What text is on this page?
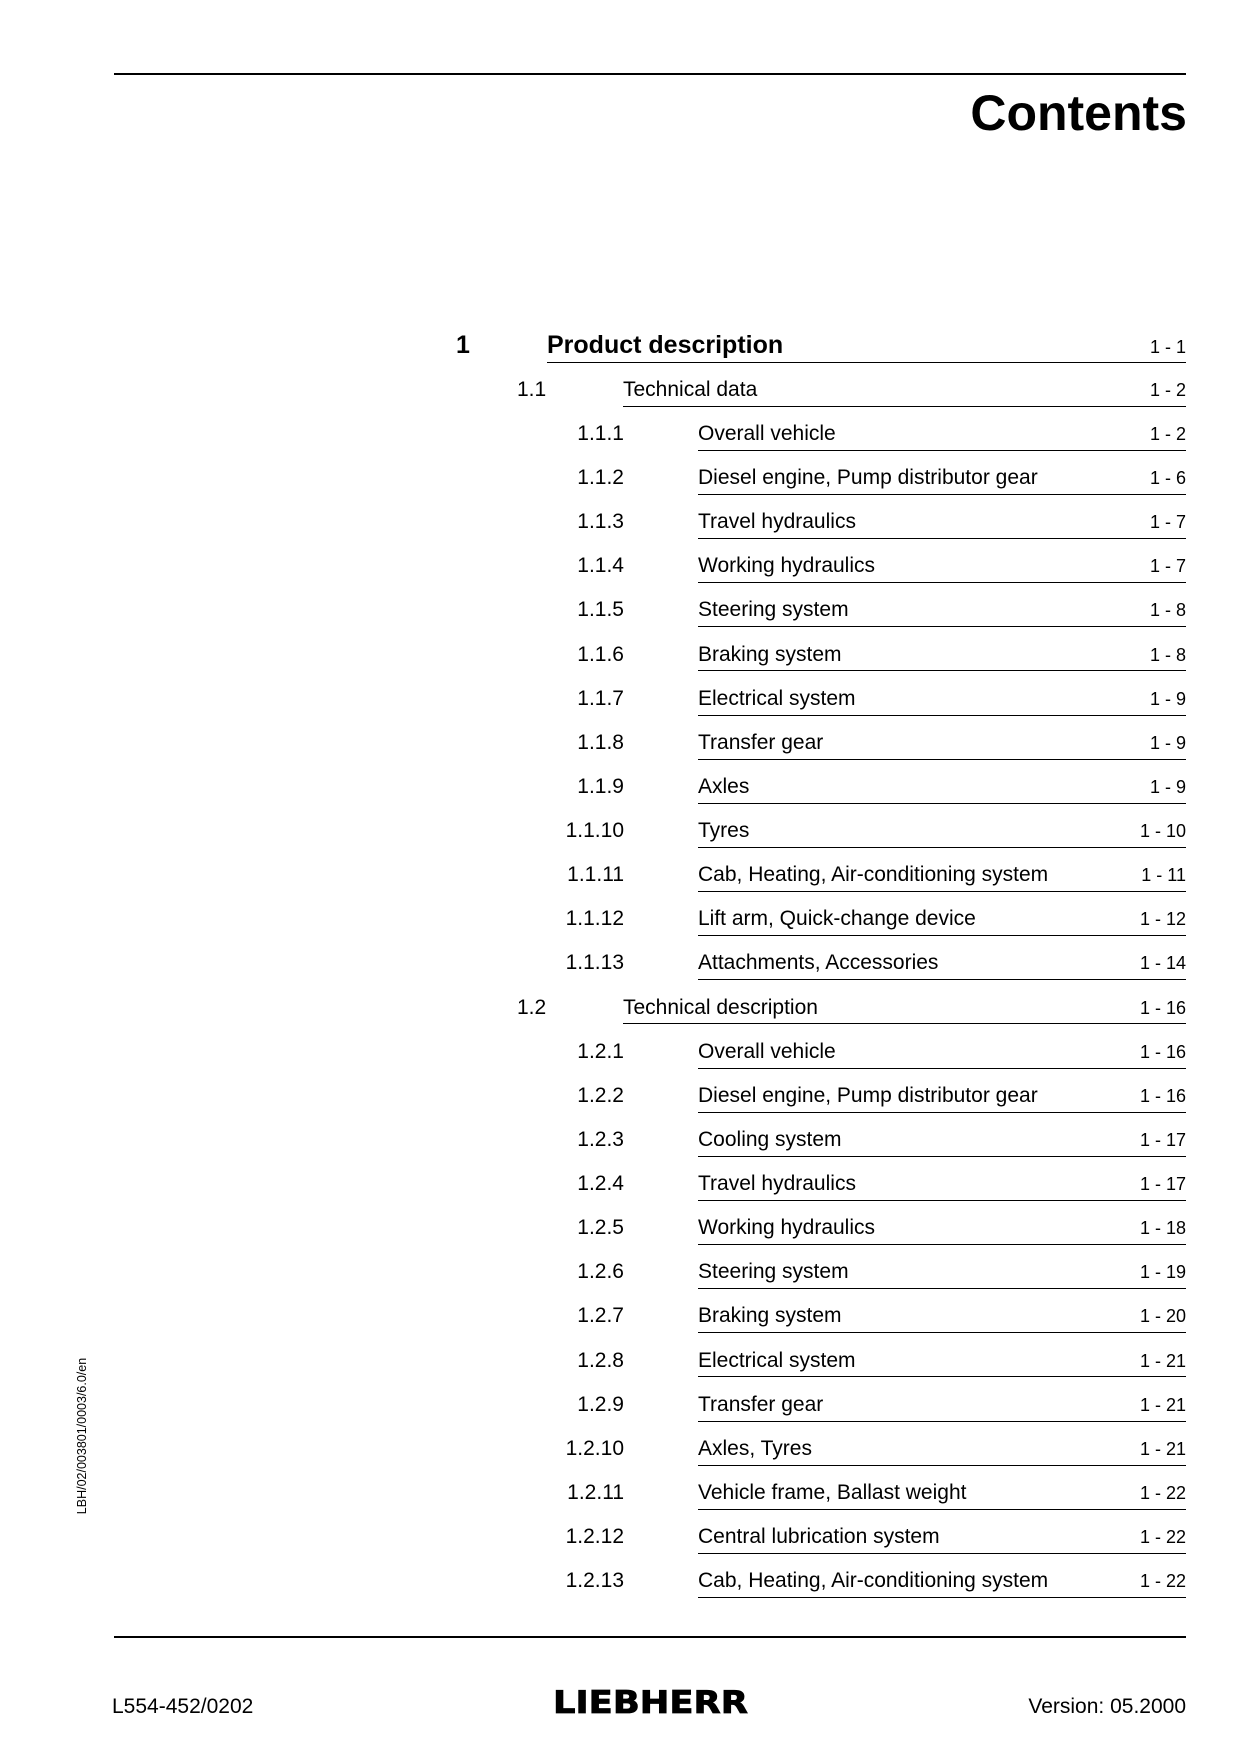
Contents
1	Product description	1 - 1
1.1	Technical data	1 - 2
1.1.1	Overall vehicle	1 - 2
1.1.2	Diesel engine, Pump distributor gear	1 - 6
1.1.3	Travel hydraulics	1 - 7
1.1.4	Working hydraulics	1 - 7
1.1.5	Steering system	1 - 8
1.1.6	Braking system	1 - 8
1.1.7	Electrical system	1 - 9
1.1.8	Transfer gear	1 - 9
1.1.9	Axles	1 - 9
1.1.10	Tyres	1 - 10
1.1.11	Cab, Heating, Air-conditioning system	1 - 11
1.1.12	Lift arm, Quick-change device	1 - 12
1.1.13	Attachments, Accessories	1 - 14
1.2	Technical description	1 - 16
1.2.1	Overall vehicle	1 - 16
1.2.2	Diesel engine, Pump distributor gear	1 - 16
1.2.3	Cooling system	1 - 17
1.2.4	Travel hydraulics	1 - 17
1.2.5	Working hydraulics	1 - 18
1.2.6	Steering system	1 - 19
1.2.7	Braking system	1 - 20
1.2.8	Electrical system	1 - 21
1.2.9	Transfer gear	1 - 21
1.2.10	Axles, Tyres	1 - 21
1.2.11	Vehicle frame, Ballast weight	1 - 22
1.2.12	Central lubrication system	1 - 22
1.2.13	Cab, Heating, Air-conditioning system	1 - 22
L554-452/0202	LIEBHERR	Version: 05.2000
LBH/02/003801/0003/6.0/en
